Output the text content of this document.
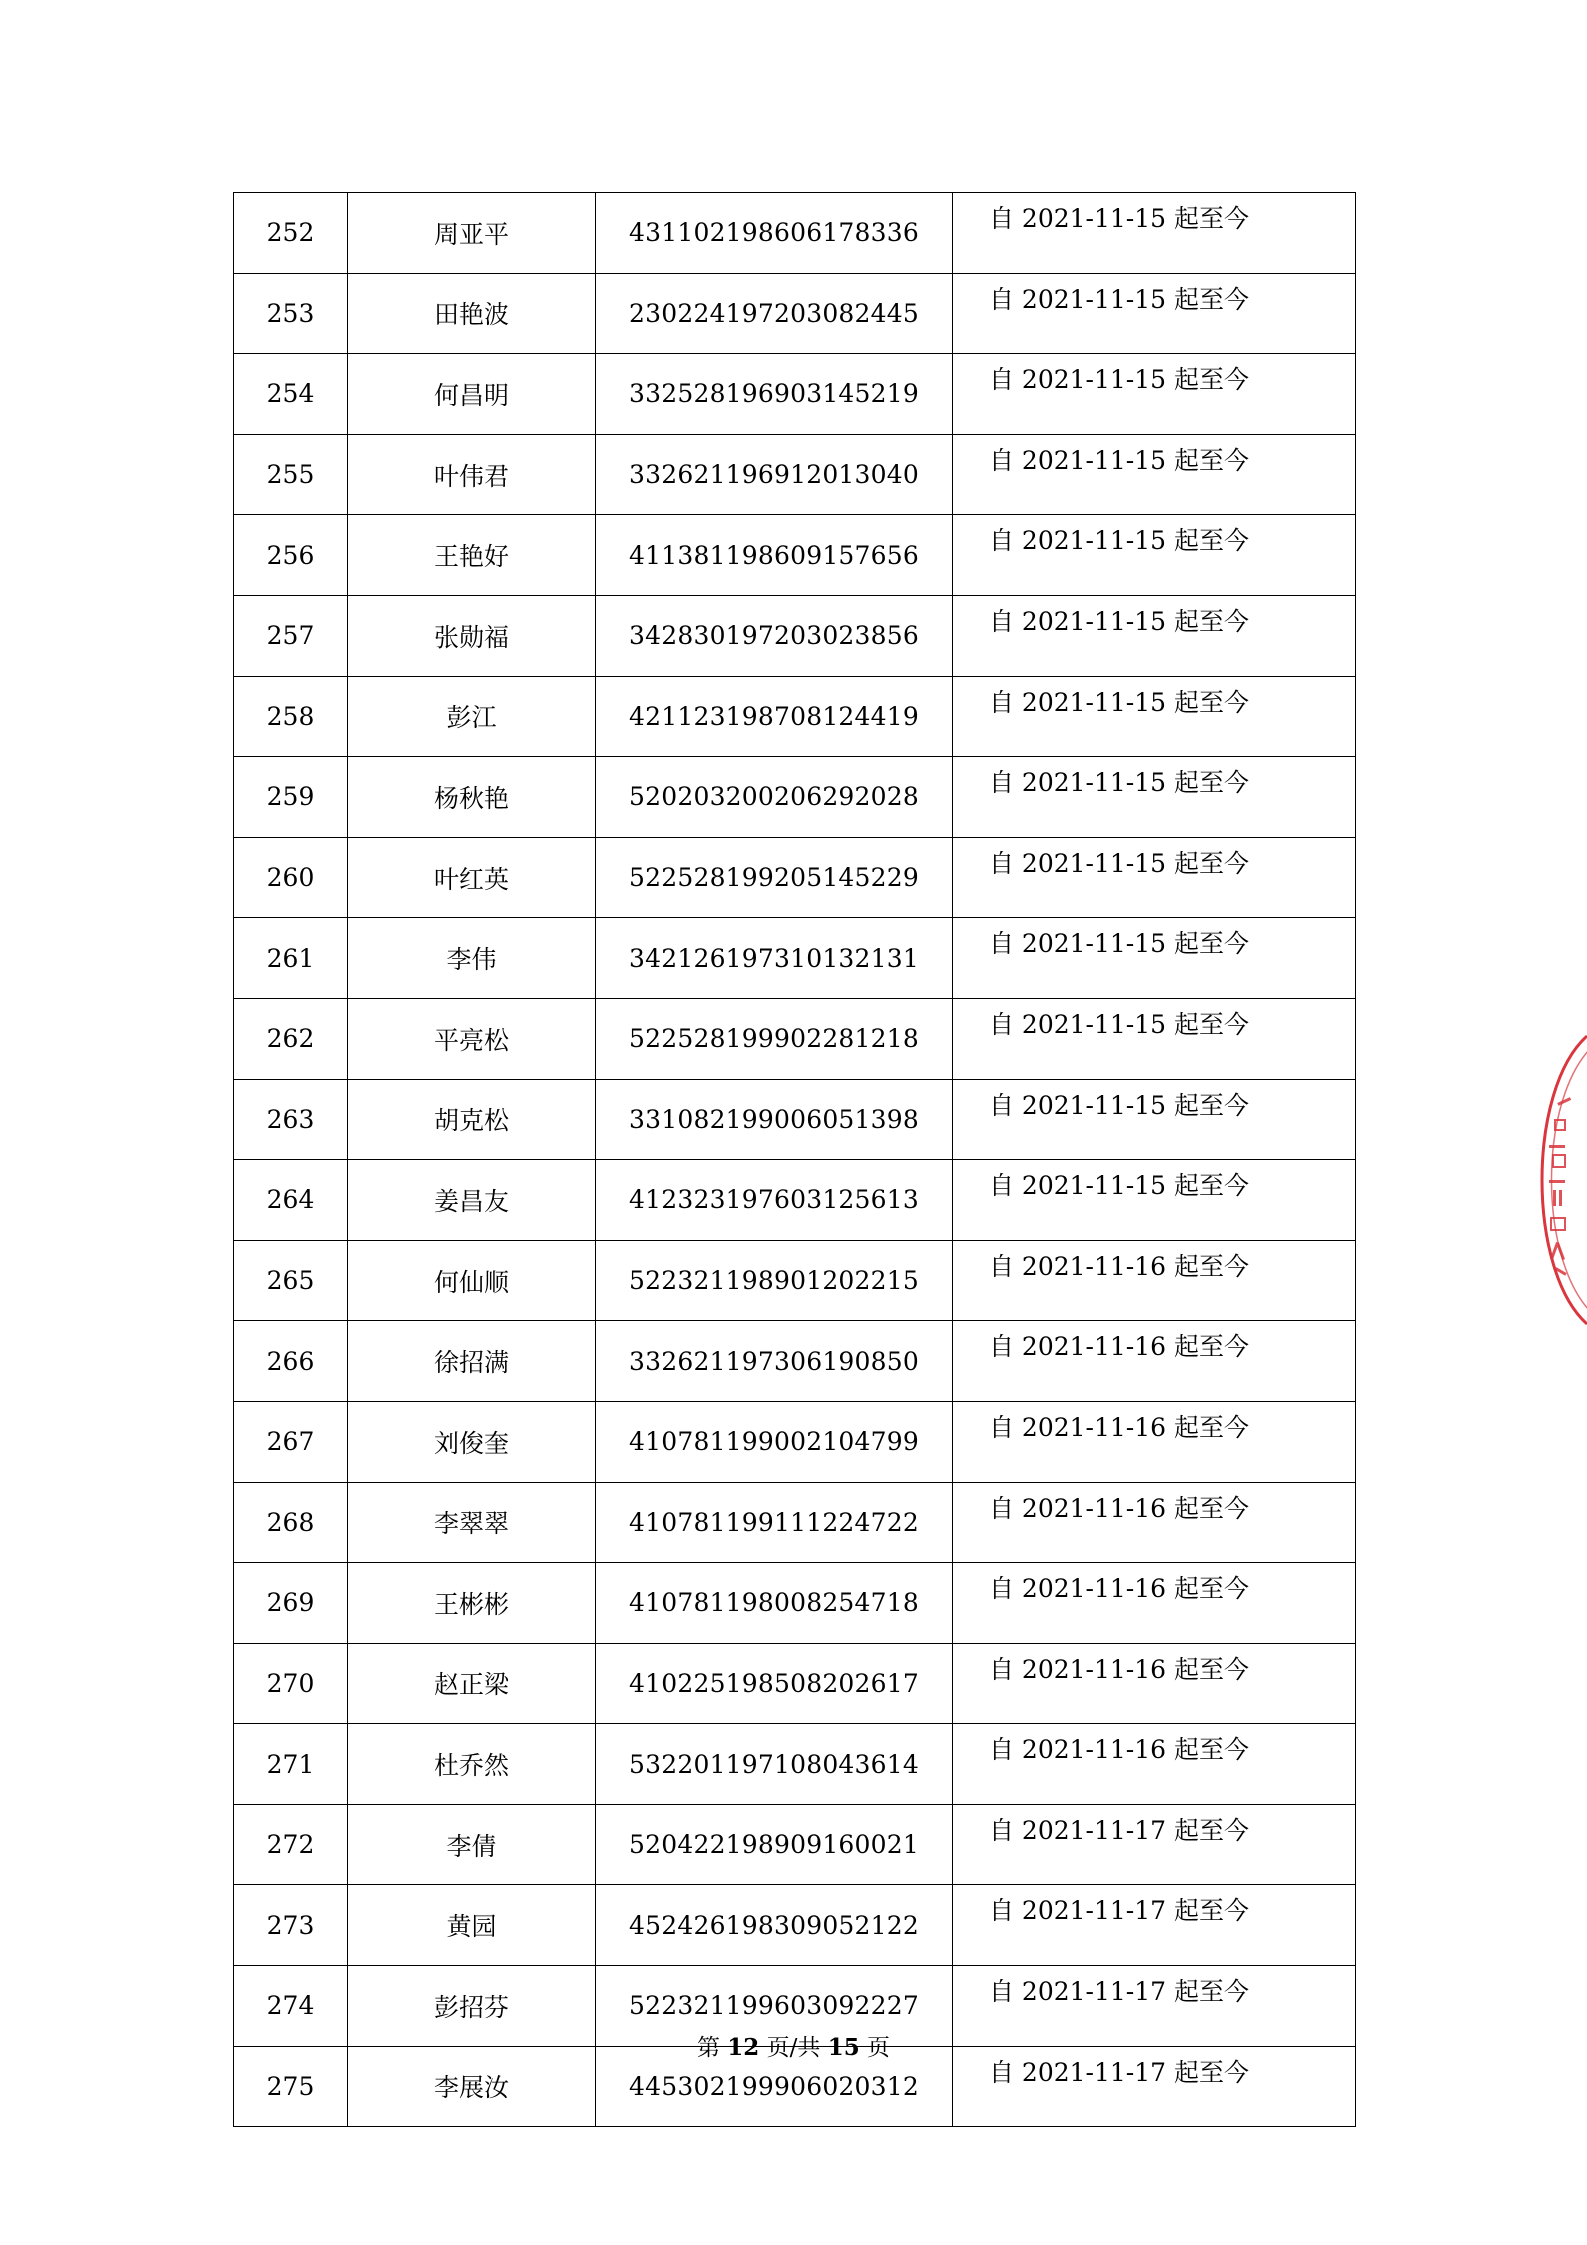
252	周亚平	431102198606178336	自 2021-11-15 起至今
253	田艳波	230224197203082445	自 2021-11-15 起至今
254	何昌明	332528196903145219	自 2021-11-15 起至今
255	叶伟君	332621196912013040	自 2021-11-15 起至今
256	王艳好	411381198609157656	自 2021-11-15 起至今
257	张勋福	342830197203023856	自 2021-11-15 起至今
258	彭江	421123198708124419	自 2021-11-15 起至今
259	杨秋艳	520203200206292028	自 2021-11-15 起至今
260	叶红英	522528199205145229	自 2021-11-15 起至今
261	李伟	342126197310132131	自 2021-11-15 起至今
262	平亮松	522528199902281218	自 2021-11-15 起至今
263	胡克松	331082199006051398	自 2021-11-15 起至今
264	姜昌友	412323197603125613	自 2021-11-15 起至今
265	何仙顺	522321198901202215	自 2021-11-16 起至今
266	徐招满	332621197306190850	自 2021-11-16 起至今
267	刘俊奎	410781199002104799	自 2021-11-16 起至今
268	李翠翠	410781199111224722	自 2021-11-16 起至今
269	王彬彬	410781198008254718	自 2021-11-16 起至今
270	赵正梁	410225198508202617	自 2021-11-16 起至今
271	杜乔然	532201197108043614	自 2021-11-16 起至今
272	李倩	520422198909160021	自 2021-11-17 起至今
273	黄园	452426198309052122	自 2021-11-17 起至今
274	彭招芬	522321199603092227	自 2021-11-17 起至今
275	李展汝	445302199906020312	自 2021-11-17 起至今
第 12 页/共 15 页
